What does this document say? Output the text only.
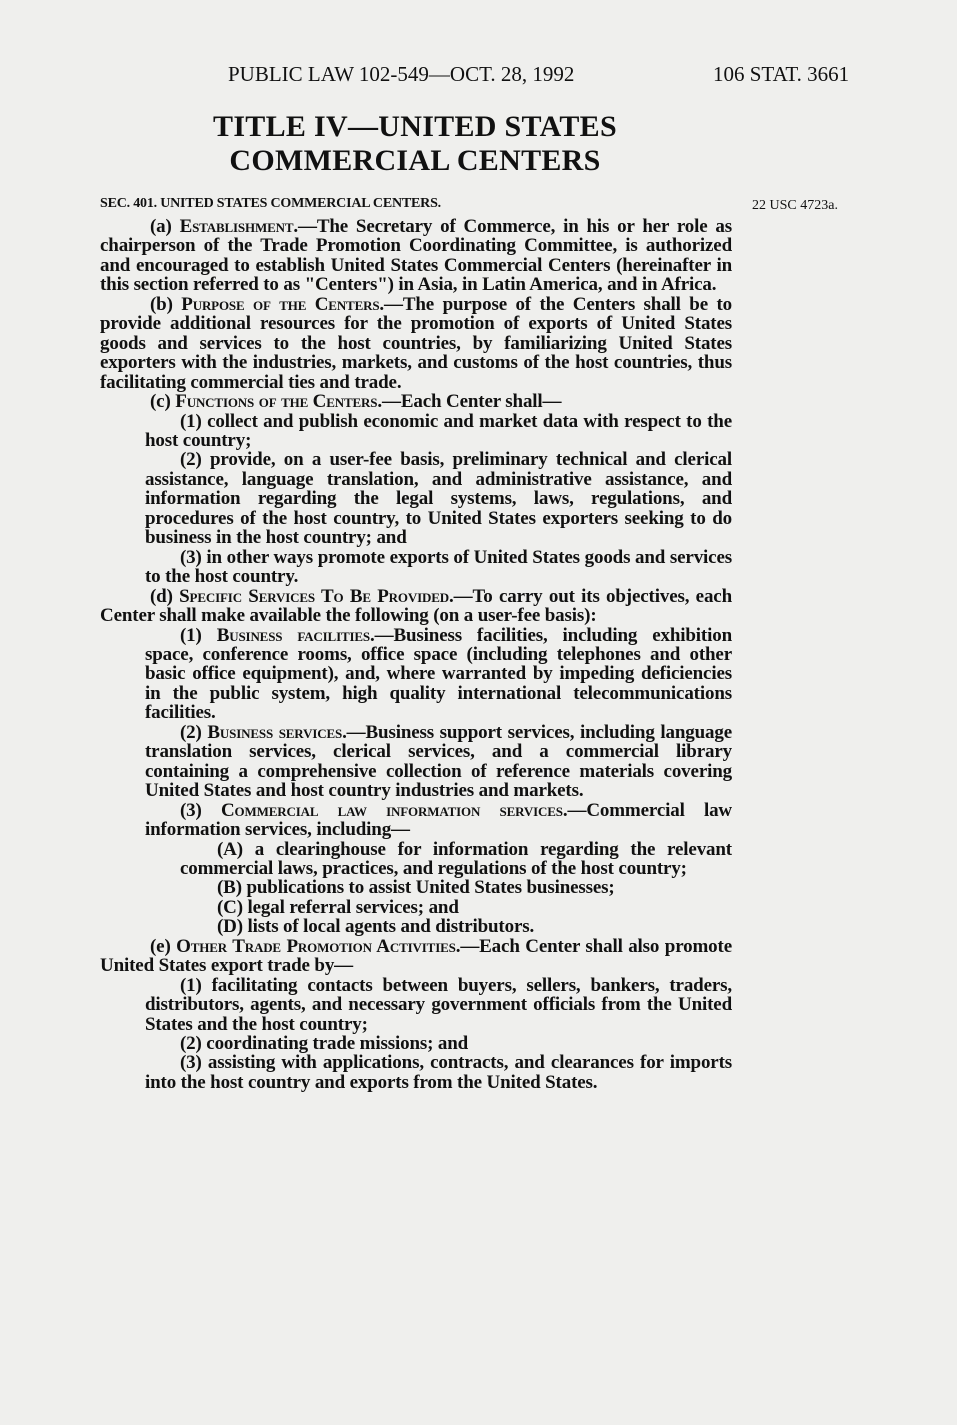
PUBLIC LAW 102-549—OCT. 28, 1992	106 STAT. 3661
TITLE IV—UNITED STATES
COMMERCIAL CENTERS
SEC. 401. UNITED STATES COMMERCIAL CENTERS.	22 USC 4723a.

(a) Establishment.—The Secretary of Commerce, in his or her role as chairperson of the Trade Promotion Coordinating Committee, is authorized and encouraged to establish United States Commercial Centers (hereinafter in this section referred to as "Centers") in Asia, in Latin America, and in Africa.

(b) Purpose of the Centers.—The purpose of the Centers shall be to provide additional resources for the promotion of exports of United States goods and services to the host countries, by familiarizing United States exporters with the industries, markets, and customs of the host countries, thus facilitating commercial ties and trade.

(c) Functions of the Centers.—Each Center shall—

(1) collect and publish economic and market data with respect to the host country;

(2) provide, on a user-fee basis, preliminary technical and clerical assistance, language translation, and administrative assistance, and information regarding the legal systems, laws, regulations, and procedures of the host country, to United States exporters seeking to do business in the host country; and

(3) in other ways promote exports of United States goods and services to the host country.

(d) Specific Services To Be Provided.—To carry out its objectives, each Center shall make available the following (on a user-fee basis):

(1) Business facilities.—Business facilities, including exhibition space, conference rooms, office space (including telephones and other basic office equipment), and, where warranted by impeding deficiencies in the public system, high quality international telecommunications facilities.

(2) Business services.—Business support services, including language translation services, clerical services, and a commercial library containing a comprehensive collection of reference materials covering United States and host country industries and markets.

(3) Commercial law information services.—Commercial law information services, including—

(A) a clearinghouse for information regarding the relevant commercial laws, practices, and regulations of the host country;

(B) publications to assist United States businesses;

(C) legal referral services; and

(D) lists of local agents and distributors.

(e) Other Trade Promotion Activities.—Each Center shall also promote United States export trade by—

(1) facilitating contacts between buyers, sellers, bankers, traders, distributors, agents, and necessary government officials from the United States and the host country;

(2) coordinating trade missions; and

(3) assisting with applications, contracts, and clearances for imports into the host country and exports from the United States.
